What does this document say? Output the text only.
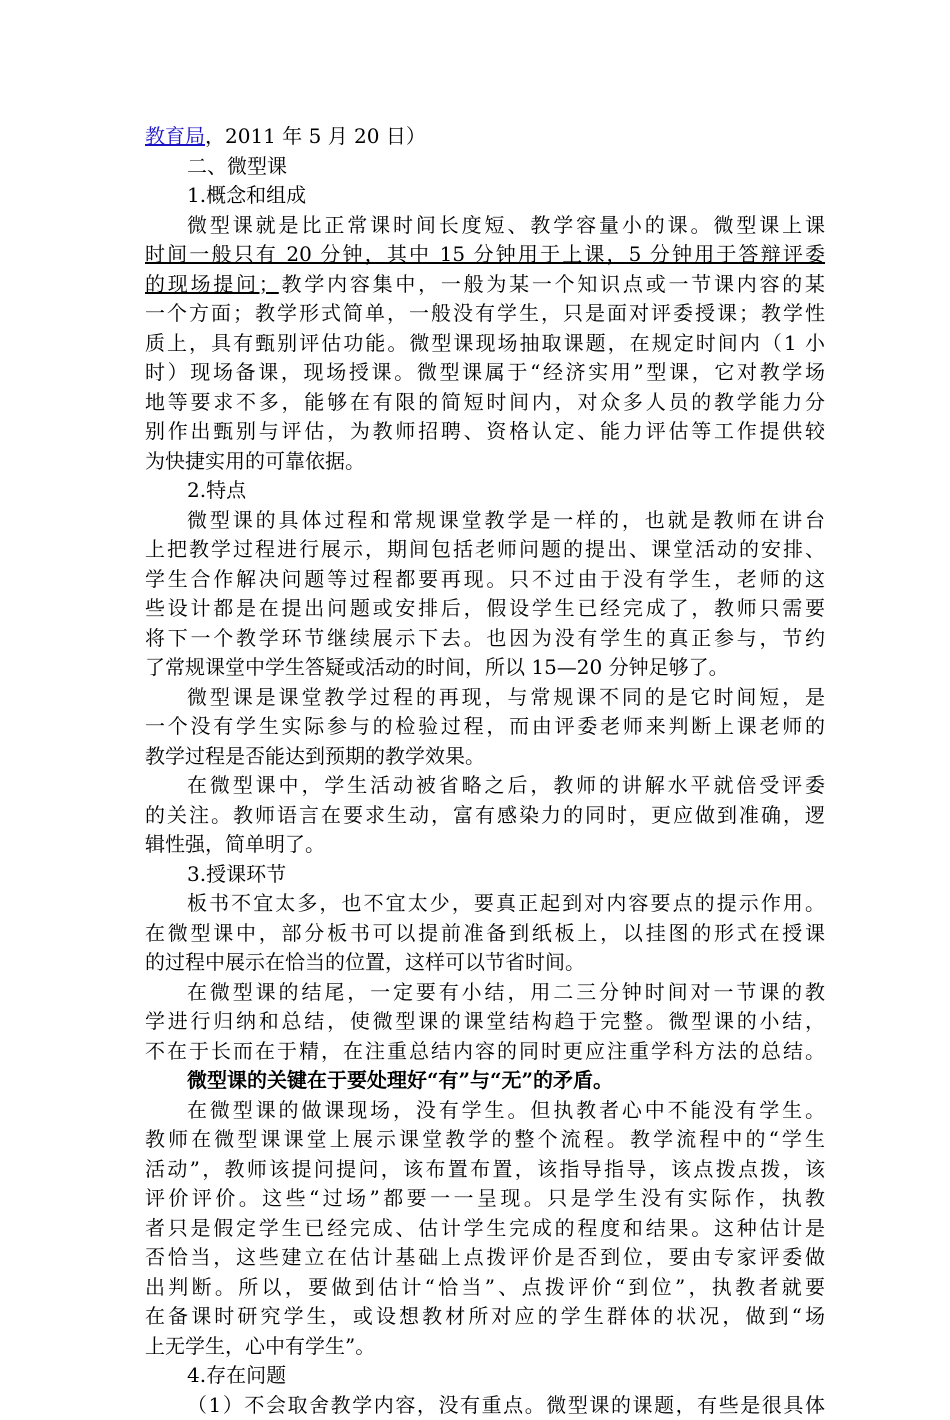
教育局，2011 年 5 月 20 日）
二、微型课
1.概念和组成
微型课就是比正常课时间长度短、教学容量小的课。微型课上课
时间一般只有 20 分钟，其中 15 分钟用于上课，5 分钟用于答辩评委
的现场提问；教学内容集中，一般为某一个知识点或一节课内容的某
一个方面；教学形式简单，一般没有学生，只是面对评委授课；教学性
质上，具有甄别评估功能。微型课现场抽取课题，在规定时间内（1 小
时）现场备课，现场授课。微型课属于“经济实用”型课，它对教学场
地等要求不多，能够在有限的简短时间内，对众多人员的教学能力分
别作出甄别与评估，为教师招聘、资格认定、能力评估等工作提供较
为快捷实用的可靠依据。
2.特点
微型课的具体过程和常规课堂教学是一样的，也就是教师在讲台
上把教学过程进行展示，期间包括老师问题的提出、课堂活动的安排、
学生合作解决问题等过程都要再现。只不过由于没有学生，老师的这
些设计都是在提出问题或安排后，假设学生已经完成了，教师只需要
将下一个教学环节继续展示下去。也因为没有学生的真正参与，节约
了常规课堂中学生答疑或活动的时间，所以 15—20 分钟足够了。
微型课是课堂教学过程的再现，与常规课不同的是它时间短，是
一个没有学生实际参与的检验过程，而由评委老师来判断上课老师的
教学过程是否能达到预期的教学效果。
在微型课中，学生活动被省略之后，教师的讲解水平就倍受评委
的关注。教师语言在要求生动，富有感染力的同时，更应做到准确，逻
辑性强，简单明了。
3.授课环节
板书不宜太多，也不宜太少，要真正起到对内容要点的提示作用。
在微型课中，部分板书可以提前准备到纸板上，以挂图的形式在授课
的过程中展示在恰当的位置，这样可以节省时间。
在微型课的结尾，一定要有小结，用二三分钟时间对一节课的教
学进行归纳和总结，使微型课的课堂结构趋于完整。微型课的小结，
不在于长而在于精，在注重总结内容的同时更应注重学科方法的总结。
微型课的关键在于要处理好“有”与“无”的矛盾。
在微型课的做课现场，没有学生。但执教者心中不能没有学生。
教师在微型课课堂上展示课堂教学的整个流程。教学流程中的“学生
活动”，教师该提问提问，该布置布置，该指导指导，该点拨点拨，该
评价评价。这些“过场”都要一一呈现。只是学生没有实际作，执教
者只是假定学生已经完成、估计学生完成的程度和结果。这种估计是
否恰当，这些建立在估计基础上点拨评价是否到位，要由专家评委做
出判断。所以，要做到估计“恰当”、点拨评价“到位”，执教者就要
在备课时研究学生，或设想教材所对应的学生群体的状况，做到“场
上无学生，心中有学生”。
4.存在问题
（1）不会取舍教学内容，没有重点。微型课的课题，有些是很具体
